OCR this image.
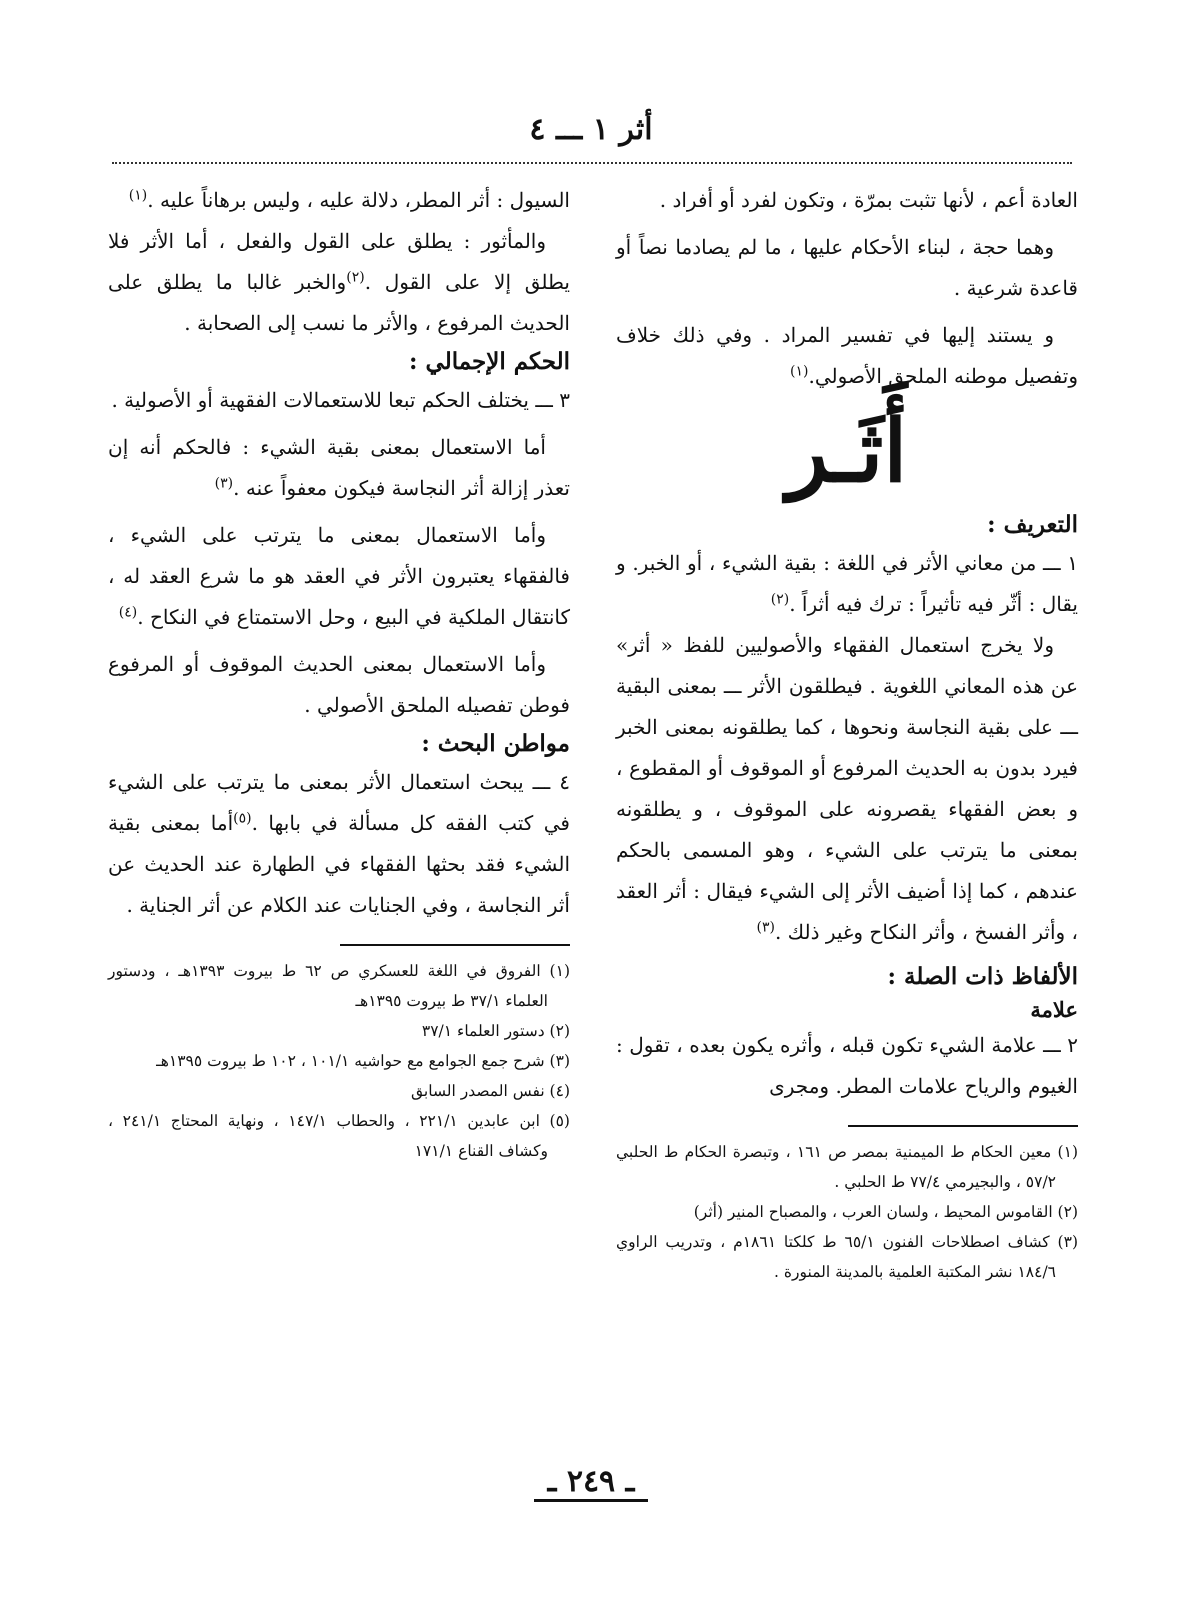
أثر ١ ـــ ٤

العادة أعم ، لأنها تثبت بمرّة ، وتكون لفرد أو أفراد .

وهما حجة ، لبناء الأحكام عليها ، ما لم يصادما نصاً أو قاعدة شرعية .

و يستند إليها في تفسير المراد . وفي ذلك خلاف وتفصيل موطنه الملحق الأصولي.$^{(١)}$

أَثَـر

التعريف :

١ ـــ من معاني الأثر في اللغة : بقية الشيء ، أو الخبر. و يقال : أثّر فيه تأثيراً : ترك فيه أثراً .$^{(٢)}$

ولا يخرج استعمال الفقهاء والأصوليين للفظ « أثر» عن هذه المعاني اللغوية . فيطلقون الأثر ـــ بمعنى البقية ـــ على بقية النجاسة ونحوها ، كما يطلقونه بمعنى الخبر فيرد بدون به الحديث المرفوع أو الموقوف أو المقطوع ، و بعض الفقهاء يقصرونه على الموقوف ، و يطلقونه بمعنى ما يترتب على الشيء ، وهو المسمى بالحكم عندهم ، كما إذا أضيف الأثر إلى الشيء فيقال : أثر العقد ، وأثر الفسخ ، وأثر النكاح وغير ذلك .$^{(٣)}$

الألفاظ ذات الصلة :

علامة

٢ ـــ علامة الشيء تكون قبله ، وأثره يكون بعده ، تقول : الغيوم والرياح علامات المطر. ومجرى

(١) معين الحكام ط الميمنية بمصر ص ١٦١ ، وتبصرة الحكام ط الحلبي ٥٧/٢ ، والبجيرمي ٧٧/٤ ط الحلبي .

(٢) القاموس المحيط ، ولسان العرب ، والمصباح المنير (أثر)

(٣) كشاف اصطلاحات الفنون ٦٥/١ ط كلكتا ١٨٦١م ، وتدريب الراوي ١٨٤/٦ نشر المكتبة العلمية بالمدينة المنورة .

السيول : أثر المطر، دلالة عليه ، وليس برهاناً عليه .$^{(١)}$

والمأثور : يطلق على القول والفعل ، أما الأثر فلا يطلق إلا على القول .$^{(٢)}$والخبر غالبا ما يطلق على الحديث المرفوع ، والأثر ما نسب إلى الصحابة .

الحكم الإجمالي :

٣ ـــ يختلف الحكم تبعا للاستعمالات الفقهية أو الأصولية .

أما الاستعمال بمعنى بقية الشيء : فالحكم أنه إن تعذر إزالة أثر النجاسة فيكون معفواً عنه .$^{(٣)}$

وأما الاستعمال بمعنى ما يترتب على الشيء ، فالفقهاء يعتبرون الأثر في العقد هو ما شرع العقد له ، كانتقال الملكية في البيع ، وحل الاستمتاع في النكاح .$^{(٤)}$

وأما الاستعمال بمعنى الحديث الموقوف أو المرفوع فوطن تفصيله الملحق الأصولي .

مواطن البحث :

٤ ـــ يبحث استعمال الأثر بمعنى ما يترتب على الشيء في كتب الفقه كل مسألة في بابها .$^{(٥)}$أما بمعنى بقية الشيء فقد بحثها الفقهاء في الطهارة عند الحديث عن أثر النجاسة ، وفي الجنايات عند الكلام عن أثر الجناية .

(١) الفروق في اللغة للعسكري ص ٦٢ ط بيروت ١٣٩٣هـ ، ودستور العلماء ٣٧/١ ط بيروت ١٣٩٥هـ

(٢) دستور العلماء ٣٧/١

(٣) شرح جمع الجوامع مع حواشيه ١٠١/١ ، ١٠٢ ط بيروت ١٣٩٥هـ

(٤) نفس المصدر السابق

(٥) ابن عابدين ٢٢١/١ ، والحطاب ١٤٧/١ ، ونهاية المحتاج ٢٤١/١ ، وكشاف القناع ١٧١/١

ـ ٢٤٩ ـ
